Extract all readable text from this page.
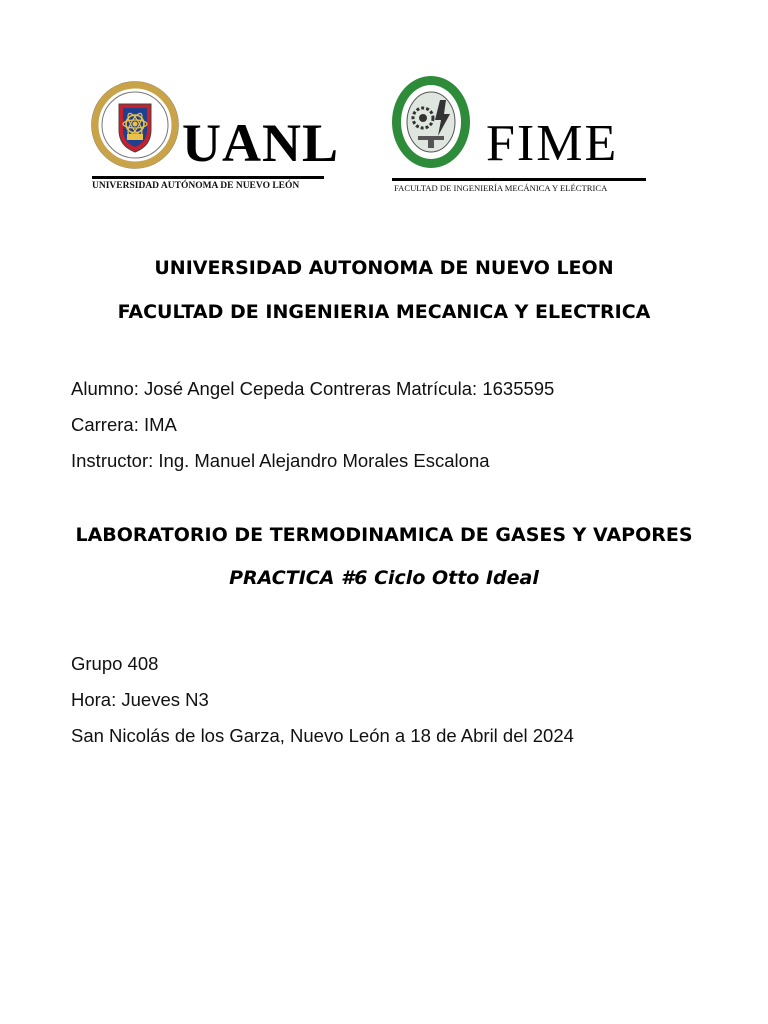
UANL
UNIVERSIDAD AUTÓNOMA DE NUEVO LEÓN
FIME
FACULTAD DE INGENIERÍA MECÁNICA Y ELÉCTRICA
UNIVERSIDAD AUTONOMA DE NUEVO LEON
FACULTAD DE INGENIERIA MECANICA Y ELECTRICA
Alumno: José Angel Cepeda Contreras Matrícula: 1635595
Carrera: IMA
Instructor: Ing. Manuel Alejandro Morales Escalona
LABORATORIO DE TERMODINAMICA DE GASES Y VAPORES
PRACTICA #6 Ciclo Otto Ideal
Grupo 408
Hora: Jueves N3
San Nicolás de los Garza, Nuevo León a 18 de Abril del 2024
